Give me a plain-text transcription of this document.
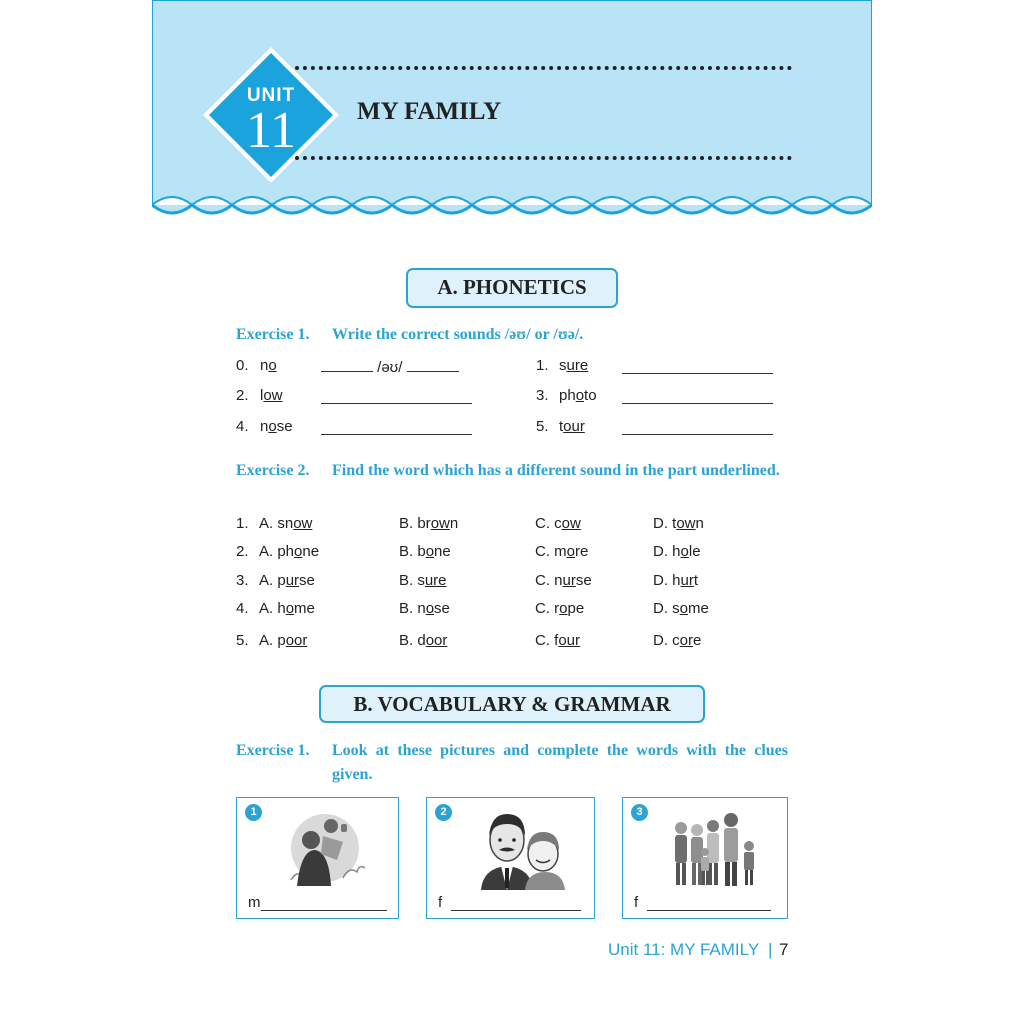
UNIT
11	MY FAMILY
A. PHONETICS
Exercise 1. Write the correct sounds /əʊ/ or /ʊə/.
0. no	/əʊ/	1. sure
2. low	3. photo
4. nose	5. tour
Exercise 2. Find the word which has a different sound in the part underlined.
1. A. snow	B. brown	C. cow	D. town
2. A. phone	B. bone	C. more	D. hole
3. A. purse	B. sure	C. nurse	D. hurt
4. A. home	B. nose	C. rope	D. some
5. A. poor	B. door	C. four	D. core
B. VOCABULARY & GRAMMAR
Exercise 1. Look at these pictures and complete the words with the clues given.
1
m
2
f
3
f
Unit 11: MY FAMILY | 7
